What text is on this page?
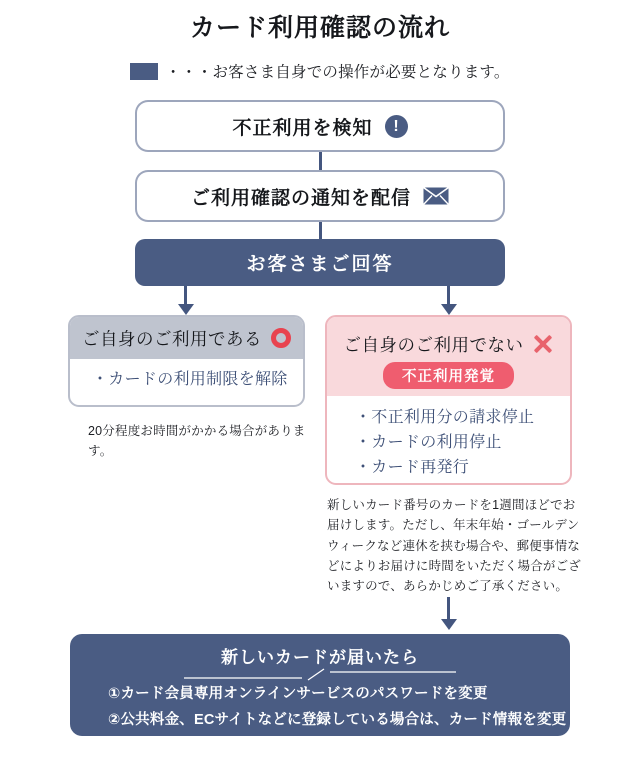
カード利用確認の流れ
・・・お客さま自身での操作が必要となります。
不正利用を検知	!
ご利用確認の通知を配信
お客さまご回答
ご自身のご利用である
・カードの利用制限を解除
20分程度お時間がかかる場合があります。
ご自身のご利用でない
不正利用発覚
・不正利用分の請求停止
・カードの利用停止
・カード再発行
新しいカード番号のカードを1週間ほどでお届けします。ただし、年末年始・ゴールデンウィークなど連休を挟む場合や、郵便事情などによりお届けに時間をいただく場合がございますので、あらかじめご了承ください。
新しいカードが届いたら
①カード会員専用オンラインサービスのパスワードを変更
②公共料金、ECサイトなどに登録している場合は、カード情報を変更
